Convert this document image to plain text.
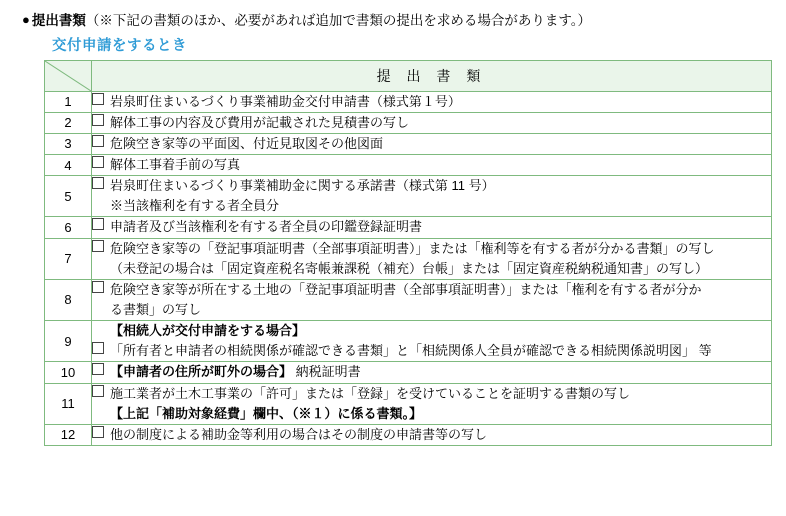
● 提出書類 （※下記の書類のほか、必要があれば追加で書類の提出を求める場合があります。）
交付申請をするとき
	提 出 書 類
1	岩泉町住まいるづくり事業補助金交付申請書（様式第１号）

2	解体工事の内容及び費用が記載された見積書の写し

3	危険空き家等の平面図、付近見取図その他図面

4	解体工事着手前の写真

5	岩泉町住まいるづくり事業補助金に関する承諾書（様式第 11 号）
※当該権利を有する者全員分

6	申請者及び当該権利を有する者全員の印鑑登録証明書

7	危険空き家等の「登記事項証明書（全部事項証明書）」または「権利等を有する者が分かる書類」の写し
（未登記の場合は「固定資産税名寄帳兼課税（補充）台帳」または「固定資産税納税通知書」の写し）

8	危険空き家等が所在する土地の「登記事項証明書（全部事項証明書）」または「権利を有する者が分か
る書類」の写し

9	【相続人が交付申請をする場合】
「所有者と申請者の相続関係が確認できる書類」と「相続関係人全員が確認できる相続関係説明図」 等

10	【申請者の住所が町外の場合】 納税証明書

11	施工業者が土木工事業の「許可」または「登録」を受けていることを証明する書類の写し
【上記「補助対象経費」欄中、（※１）に係る書類。】

12	他の制度による補助金等利用の場合はその制度の申請書等の写し
